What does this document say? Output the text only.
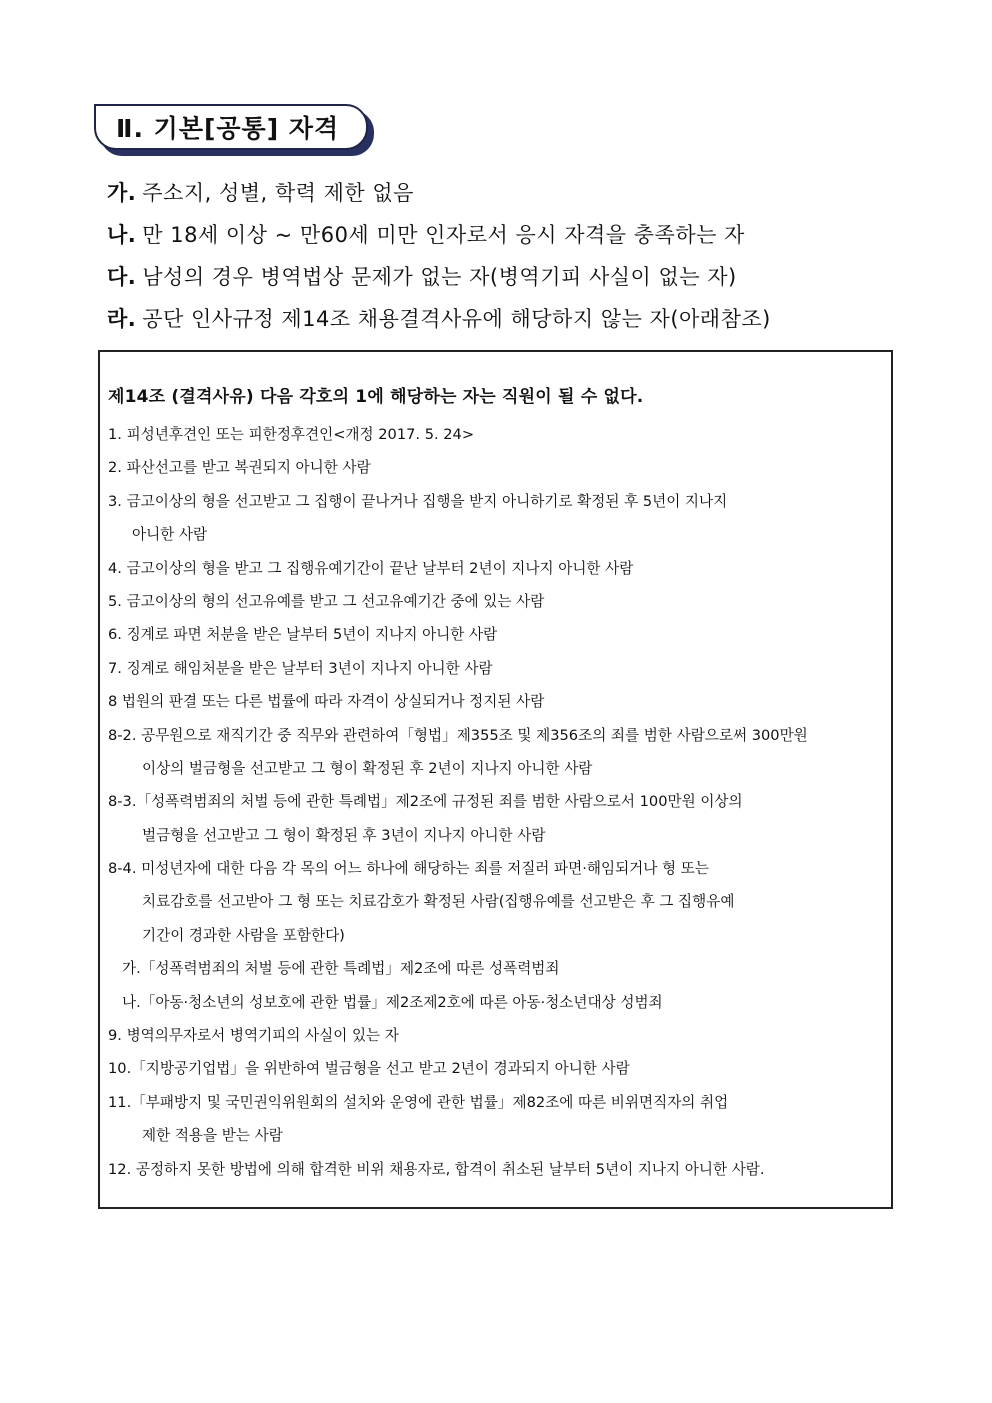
Ⅱ. 기본[공통] 자격
가. 주소지, 성별, 학력 제한 없음
나. 만 18세 이상 ~ 만60세 미만 인자로서 응시 자격을 충족하는 자
다. 남성의 경우 병역법상 문제가 없는 자(병역기피 사실이 없는 자)
라. 공단 인사규정 제14조 채용결격사유에 해당하지 않는 자(아래참조)
제14조 (결격사유) 다음 각호의 1에 해당하는 자는 직원이 될 수 없다.
1. 피성년후견인 또는 피한정후견인<개정 2017. 5. 24>
2. 파산선고를 받고 복권되지 아니한 사람
3. 금고이상의 형을 선고받고 그 집행이 끝나거나 집행을 받지 아니하기로 확정된 후 5년이 지나지
아니한 사람
4. 금고이상의 형을 받고 그 집행유예기간이 끝난 날부터 2년이 지나지 아니한 사람
5. 금고이상의 형의 선고유예를 받고 그 선고유예기간 중에 있는 사람
6. 징계로 파면 처분을 받은 날부터 5년이 지나지 아니한 사람
7. 징계로 해임처분을 받은 날부터 3년이 지나지 아니한 사람
8 법원의 판결 또는 다른 법률에 따라 자격이 상실되거나 정지된 사람
8-2. 공무원으로 재직기간 중 직무와 관련하여「형법」제355조 및 제356조의 죄를 범한 사람으로써 300만원
이상의 벌금형을 선고받고 그 형이 확정된 후 2년이 지나지 아니한 사람
8-3.「성폭력범죄의 처벌 등에 관한 특례법」제2조에 규정된 죄를 범한 사람으로서 100만원 이상의
벌금형을 선고받고 그 형이 확정된 후 3년이 지나지 아니한 사람
8-4. 미성년자에 대한 다음 각 목의 어느 하나에 해당하는 죄를 저질러 파면·해임되거나 형 또는
치료감호를 선고받아 그 형 또는 치료감호가 확정된 사람(집행유예를 선고받은 후 그 집행유예
기간이 경과한 사람을 포함한다)
가.「성폭력범죄의 처벌 등에 관한 특례법」제2조에 따른 성폭력범죄
나.「아동·청소년의 성보호에 관한 법률」제2조제2호에 따른 아동·청소년대상 성범죄
9. 병역의무자로서 병역기피의 사실이 있는 자
10.「지방공기업법」을 위반하여 벌금형을 선고 받고 2년이 경과되지 아니한 사람
11.「부패방지 및 국민권익위원회의 설치와 운영에 관한 법률」제82조에 따른 비위면직자의 취업
제한 적용을 받는 사람
12. 공정하지 못한 방법에 의해 합격한 비위 채용자로, 합격이 취소된 날부터 5년이 지나지 아니한 사람.
